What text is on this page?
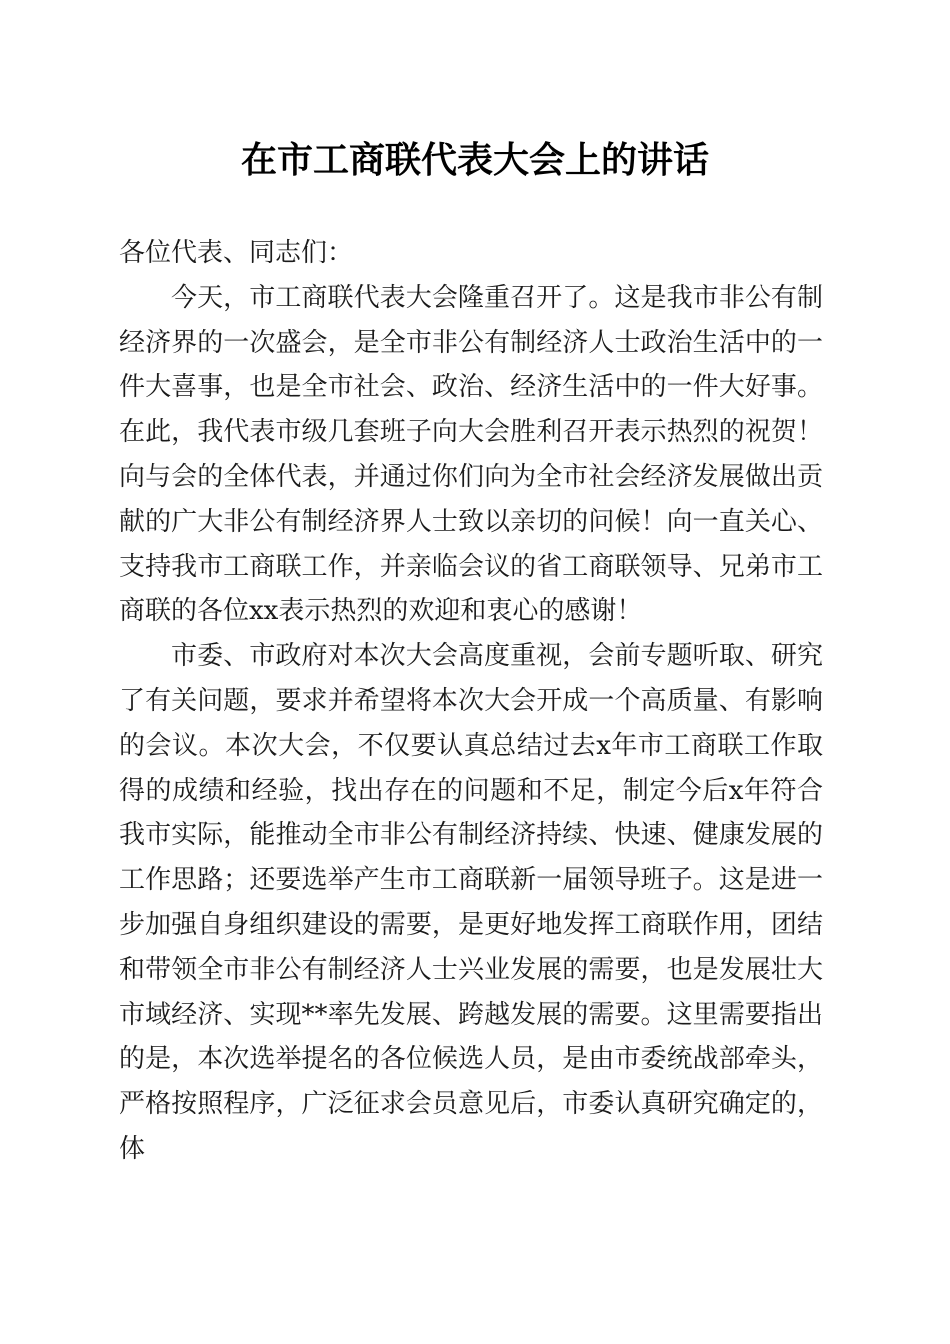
在市工商联代表大会上的讲话

各位代表、同志们：

今天，市工商联代表大会隆重召开了。这是我市非公有制经济界的一次盛会，是全市非公有制经济人士政治生活中的一件大喜事，也是全市社会、政治、经济生活中的一件大好事。在此，我代表市级几套班子向大会胜利召开表示热烈的祝贺！向与会的全体代表，并通过你们向为全市社会经济发展做出贡献的广大非公有制经济界人士致以亲切的问候！向一直关心、支持我市工商联工作，并亲临会议的省工商联领导、兄弟市工商联的各位xx表示热烈的欢迎和衷心的感谢！

市委、市政府对本次大会高度重视，会前专题听取、研究了有关问题，要求并希望将本次大会开成一个高质量、有影响的会议。本次大会，不仅要认真总结过去x年市工商联工作取得的成绩和经验，找出存在的问题和不足，制定今后x年符合我市实际，能推动全市非公有制经济持续、快速、健康发展的工作思路；还要选举产生市工商联新一届领导班子。这是进一步加强自身组织建设的需要，是更好地发挥工商联作用，团结和带领全市非公有制经济人士兴业发展的需要，也是发展壮大市域经济、实现**率先发展、跨越发展的需要。这里需要指出的是，本次选举提名的各位候选人员，是由市委统战部牵头，严格按照程序，广泛征求会员意见后，市委认真研究确定的，体
